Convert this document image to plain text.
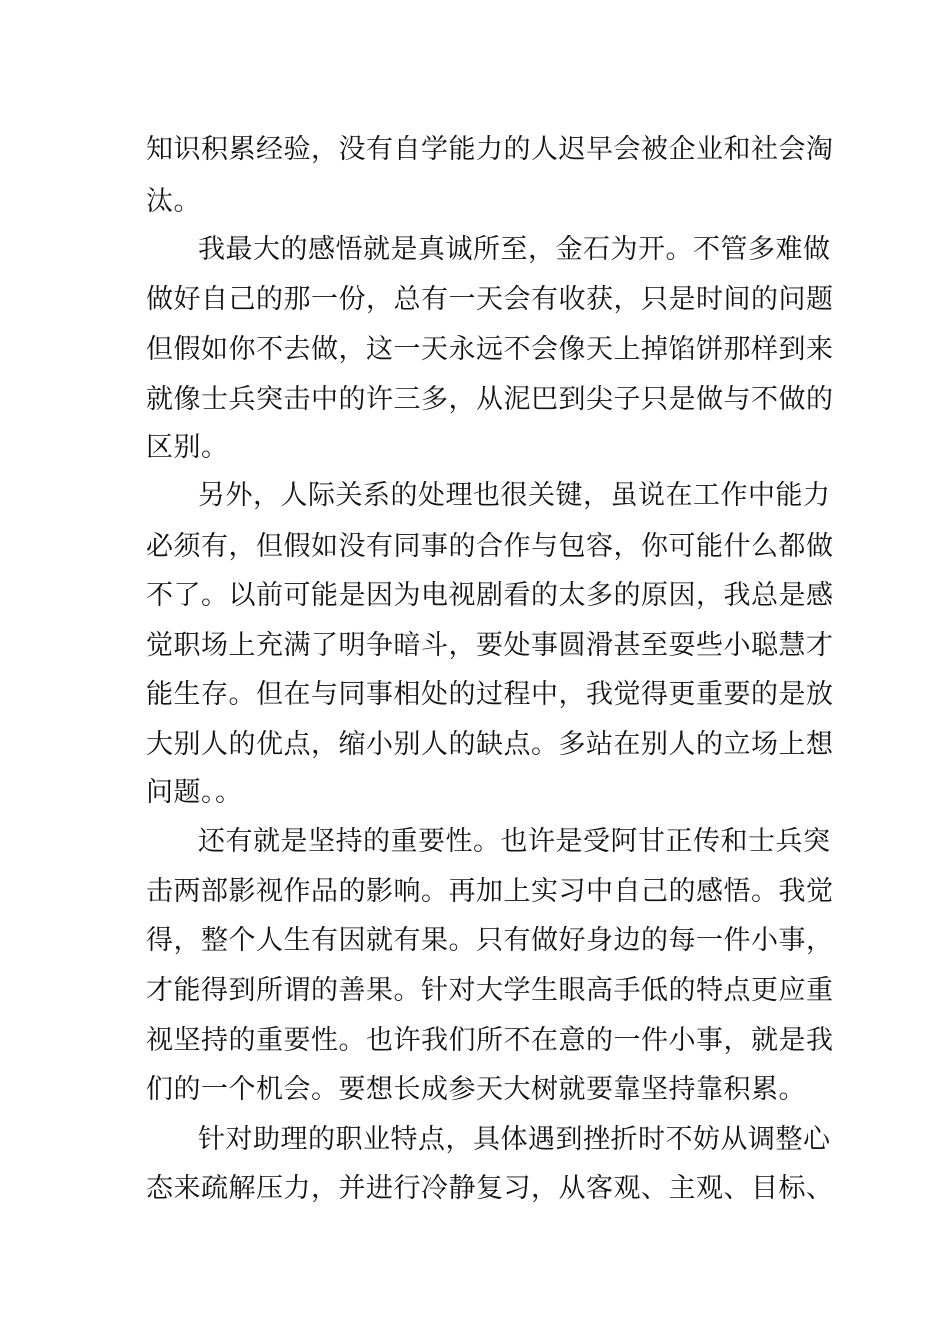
知识积累经验，没有自学能力的人迟早会被企业和社会淘
汰。
我最大的感悟就是真诚所至，金石为开。不管多难做
做好自己的那一份，总有一天会有收获，只是时间的问题
但假如你不去做，这一天永远不会像天上掉馅饼那样到来
就像士兵突击中的许三多，从泥巴到尖子只是做与不做的
区别。
另外，人际关系的处理也很关键，虽说在工作中能力
必须有，但假如没有同事的合作与包容，你可能什么都做
不了。以前可能是因为电视剧看的太多的原因，我总是感
觉职场上充满了明争暗斗，要处事圆滑甚至耍些小聪慧才
能生存。但在与同事相处的过程中，我觉得更重要的是放
大别人的优点，缩小别人的缺点。多站在别人的立场上想
问题。。
还有就是坚持的重要性。也许是受阿甘正传和士兵突
击两部影视作品的影响。再加上实习中自己的感悟。我觉
得，整个人生有因就有果。只有做好身边的每一件小事，
才能得到所谓的善果。针对大学生眼高手低的特点更应重
视坚持的重要性。也许我们所不在意的一件小事，就是我
们的一个机会。要想长成参天大树就要靠坚持靠积累。
针对助理的职业特点，具体遇到挫折时不妨从调整心
态来疏解压力，并进行冷静复习，从客观、主观、目标、
